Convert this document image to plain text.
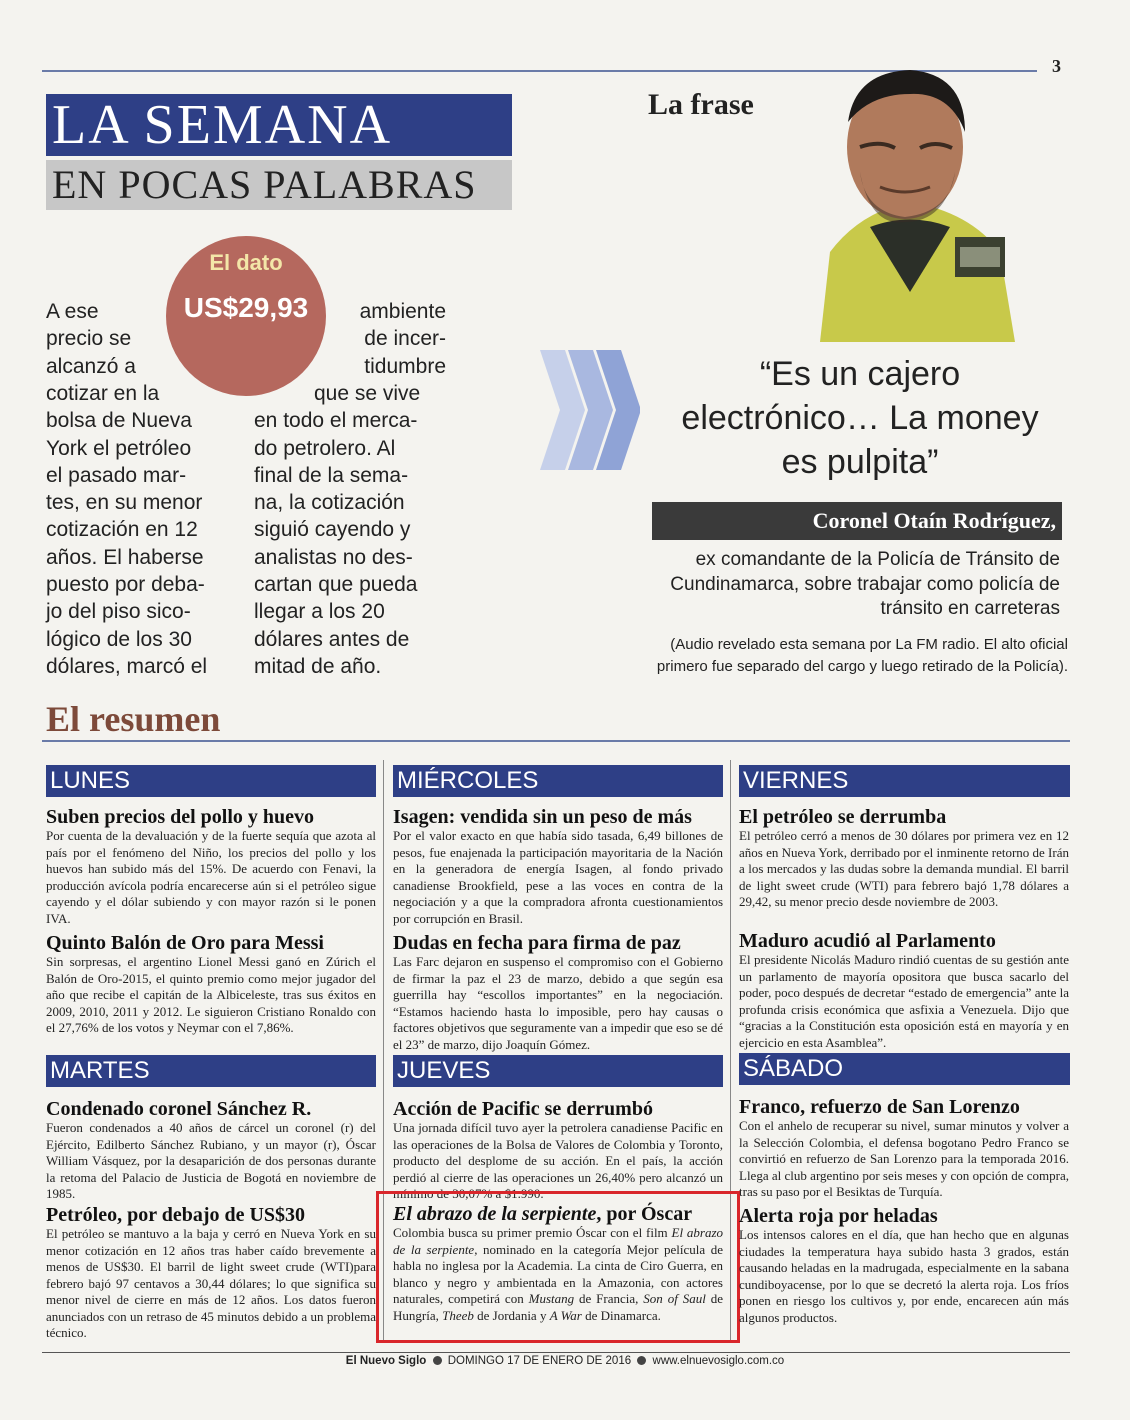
3
LA SEMANA
EN POCAS PALABRAS
El dato
US$29,93
A ese
precio se
alcanzó a
cotizar en la
bolsa de Nueva
York el petróleo
el pasado mar-
tes, en su menor
cotización en 12
años. El haberse
puesto por deba-
jo del piso sico-
lógico de los 30
dólares, marcó el
ambiente
de incer-
tidumbre
que se vive
en todo el merca-
do petrolero. Al
final de la sema-
na, la cotización
siguió cayendo y
analistas no des-
cartan que pueda
llegar a los 20
dólares antes de
mitad de año.
La frase
“Es un cajero electrónico… La money es pulpita”
Coronel Otaín Rodríguez,
ex comandante de la Policía de Tránsito de Cundinamarca, sobre trabajar como policía de tránsito en carreteras
(Audio revelado esta semana por La FM radio. El alto oficial primero fue separado del cargo y luego retirado de la Policía).
El resumen
LUNES
Suben precios del pollo y huevo
Por cuenta de la devaluación y de la fuerte sequía que azota al país por el fenómeno del Niño, los precios del pollo y los huevos han subido más del 15%. De acuerdo con Fenavi, la producción avícola podría encarecerse aún si el petróleo sigue cayendo y el dólar subiendo y con mayor razón si le ponen IVA.
Quinto Balón de Oro para Messi
Sin sorpresas, el argentino Lionel Messi ganó en Zúrich el Balón de Oro-2015, el quinto premio como mejor jugador del año que recibe el capitán de la Albiceleste, tras sus éxitos en 2009, 2010, 2011 y 2012. Le siguieron Cristiano Ronaldo con el 27,76% de los votos y Neymar con el 7,86%.
MARTES
Condenado coronel Sánchez R.
Fueron condenados a 40 años de cárcel un coronel (r) del Ejército, Edilberto Sánchez Rubiano, y un mayor (r), Óscar William Vásquez, por la desaparición de dos personas durante la retoma del Palacio de Justicia de Bogotá en noviembre de 1985.
Petróleo, por debajo de US$30
El petróleo se mantuvo a la baja y cerró en Nueva York en su menor cotización en 12 años tras haber caído brevemente a menos de US$30. El barril de light sweet crude (WTI)para febrero bajó 97 centavos a 30,44 dólares; lo que significa su menor nivel de cierre en más de 12 años. Los datos fueron anunciados con un retraso de 45 minutos debido a un problema técnico.
MIÉRCOLES
Isagen: vendida sin un peso de más
Por el valor exacto en que había sido tasada, 6,49 billones de pesos, fue enajenada la participación mayoritaria de la Nación en la generadora de energía Isagen, al fondo privado canadiense Brookfield, pese a las voces en contra de la negociación y a que la compradora afronta cuestionamientos por corrupción en Brasil.
Dudas en fecha para firma de paz
Las Farc dejaron en suspenso el compromiso con el Gobierno de firmar la paz el 23 de marzo, debido a que según esa guerrilla hay “escollos importantes” en la negociación. “Estamos haciendo hasta lo imposible, pero hay causas o factores objetivos que seguramente van a impedir que eso se dé el 23” de marzo, dijo Joaquín Gómez.
JUEVES
Acción de Pacific se derrumbó
Una jornada difícil tuvo ayer la petrolera canadiense Pacific en las operaciones de la Bolsa de Valores de Colombia y Toronto, producto del desplome de su acción. En el país, la acción perdió al cierre de las operaciones un 26,40% pero alcanzó un mínimo de 30,07% a $1.990.
El abrazo de la serpiente, por Óscar
Colombia busca su primer premio Óscar con el film El abrazo de la serpiente, nominado en la categoría Mejor película de habla no inglesa por la Academia. La cinta de Ciro Guerra, en blanco y negro y ambientada en la Amazonia, con actores naturales, competirá con Mustang de Francia, Son of Saul de Hungría, Theeb de Jordania y A War de Dinamarca.
VIERNES
El petróleo se derrumba
El petróleo cerró a menos de 30 dólares por primera vez en 12 años en Nueva York, derribado por el inminente retorno de Irán a los mercados y las dudas sobre la demanda mundial. El barril de light sweet crude (WTI) para febrero bajó 1,78 dólares a 29,42, su menor precio desde noviembre de 2003.
Maduro acudió al Parlamento
El presidente Nicolás Maduro rindió cuentas de su gestión ante un parlamento de mayoría opositora que busca sacarlo del poder, poco después de decretar “estado de emergencia” ante la profunda crisis económica que asfixia a Venezuela. Dijo que “gracias a la Constitución esta oposición está en mayoría y en ejercicio en esta Asamblea”.
SÁBADO
Franco, refuerzo de San Lorenzo
Con el anhelo de recuperar su nivel, sumar minutos y volver a la Selección Colombia, el defensa bogotano Pedro Franco se convirtió en refuerzo de San Lorenzo para la temporada 2016. Llega al club argentino por seis meses y con opción de compra, tras su paso por el Besiktas de Turquía.
Alerta roja por heladas
Los intensos calores en el día, que han hecho que en algunas ciudades la temperatura haya subido hasta 3 grados, están causando heladas en la madrugada, especialmente en la sabana cundiboyacense, por lo que se decretó la alerta roja. Los fríos ponen en riesgo los cultivos y, por ende, encarecen aún más algunos productos.
El Nuevo Siglo DOMINGO 17 DE ENERO DE 2016 www.elnuevosiglo.com.co
